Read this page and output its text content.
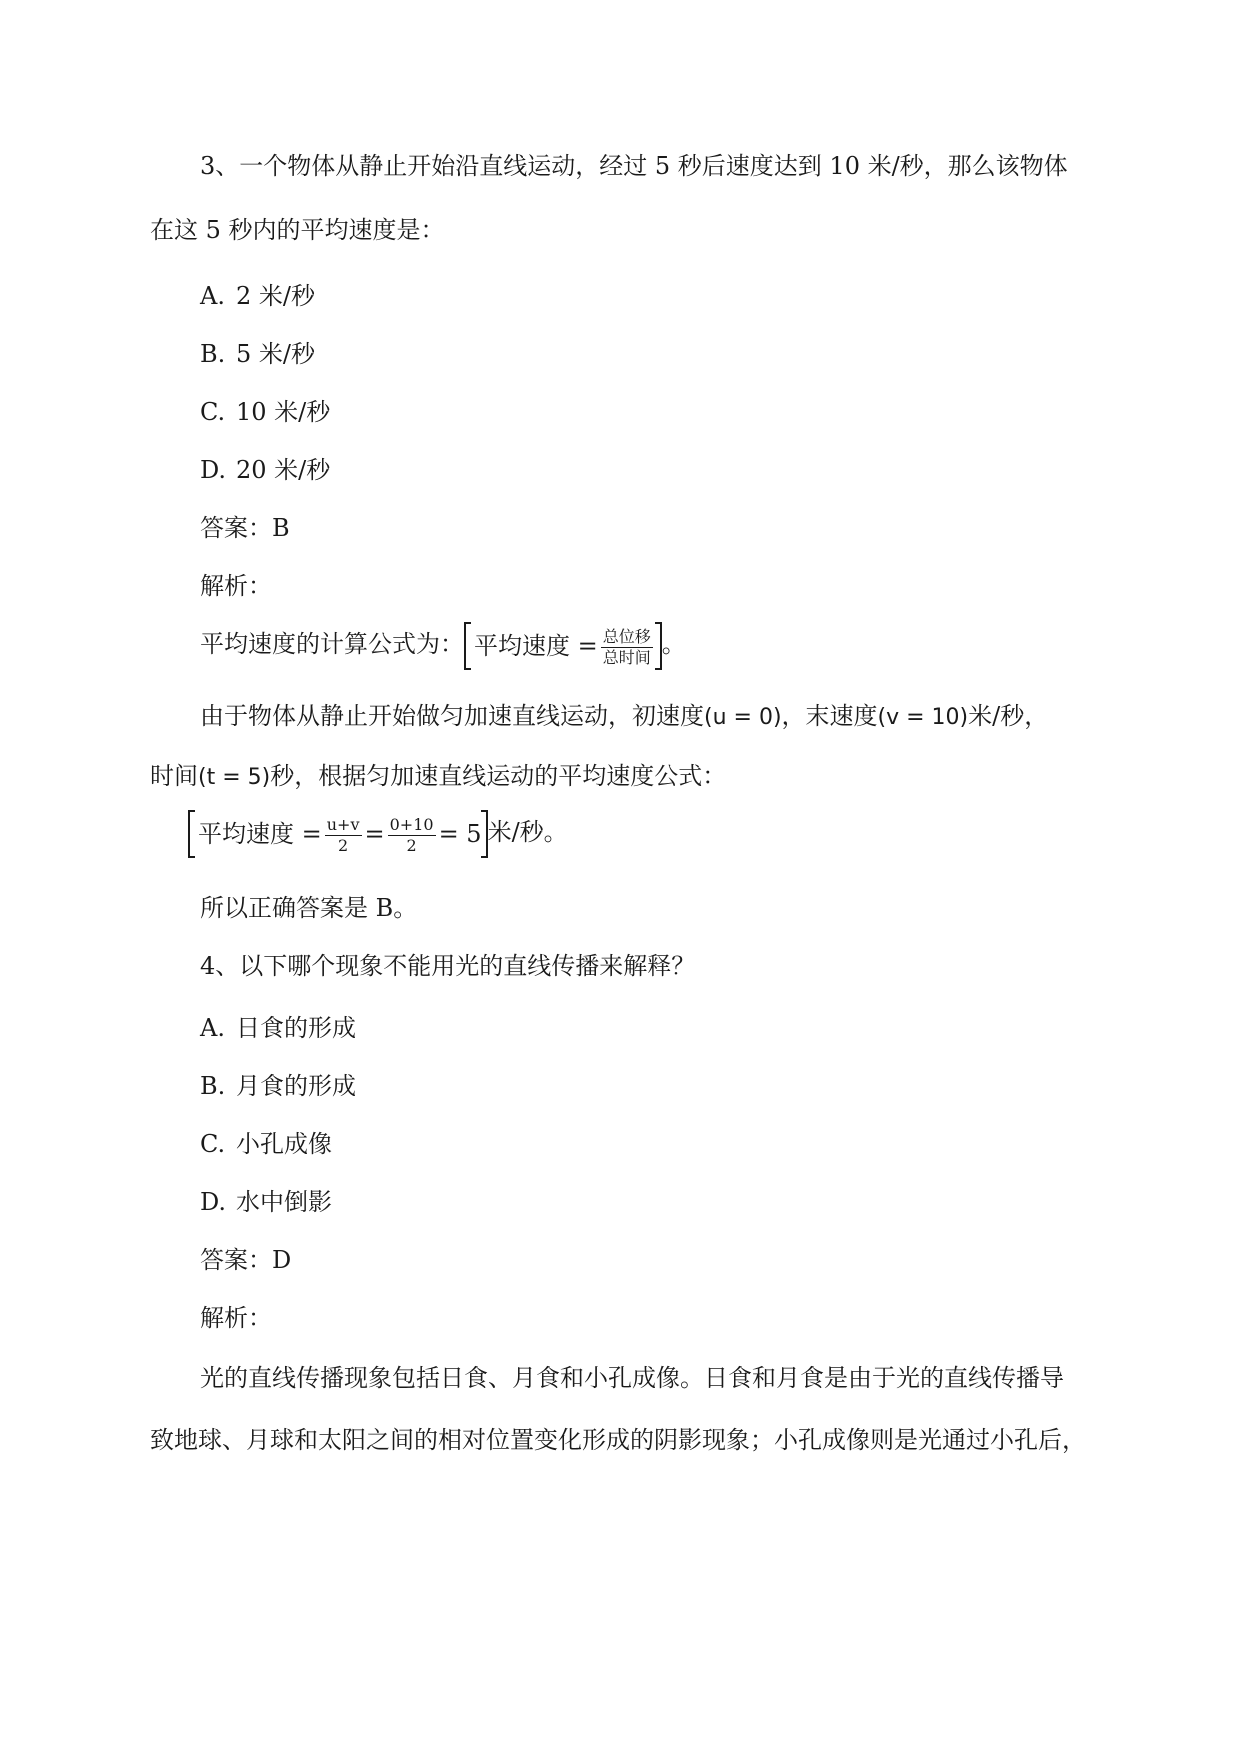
3、一个物体从静止开始沿直线运动，经过 5 秒后速度达到 10 米/秒，那么该物体
在这 5 秒内的平均速度是：
A. 2 米/秒
B. 5 米/秒
C. 10 米/秒
D. 20 米/秒
答案：B
解析：
平均速度的计算公式为： 平均速度 = $\frac{\text{总位移}}{\text{总时间}}$ 。
由于物体从静止开始做匀加速直线运动，初速度(u = 0)，末速度(v = 10)米/秒，
时间(t = 5)秒，根据匀加速直线运动的平均速度公式：
平均速度 = $\frac{u+v}{2} = \frac{0+10}{2} = 5$ 米/秒。
所以正确答案是 B。
4、以下哪个现象不能用光的直线传播来解释？
A. 日食的形成
B. 月食的形成
C. 小孔成像
D. 水中倒影
答案：D
解析：
光的直线传播现象包括日食、月食和小孔成像。日食和月食是由于光的直线传播导
致地球、月球和太阳之间的相对位置变化形成的阴影现象；小孔成像则是光通过小孔后，
